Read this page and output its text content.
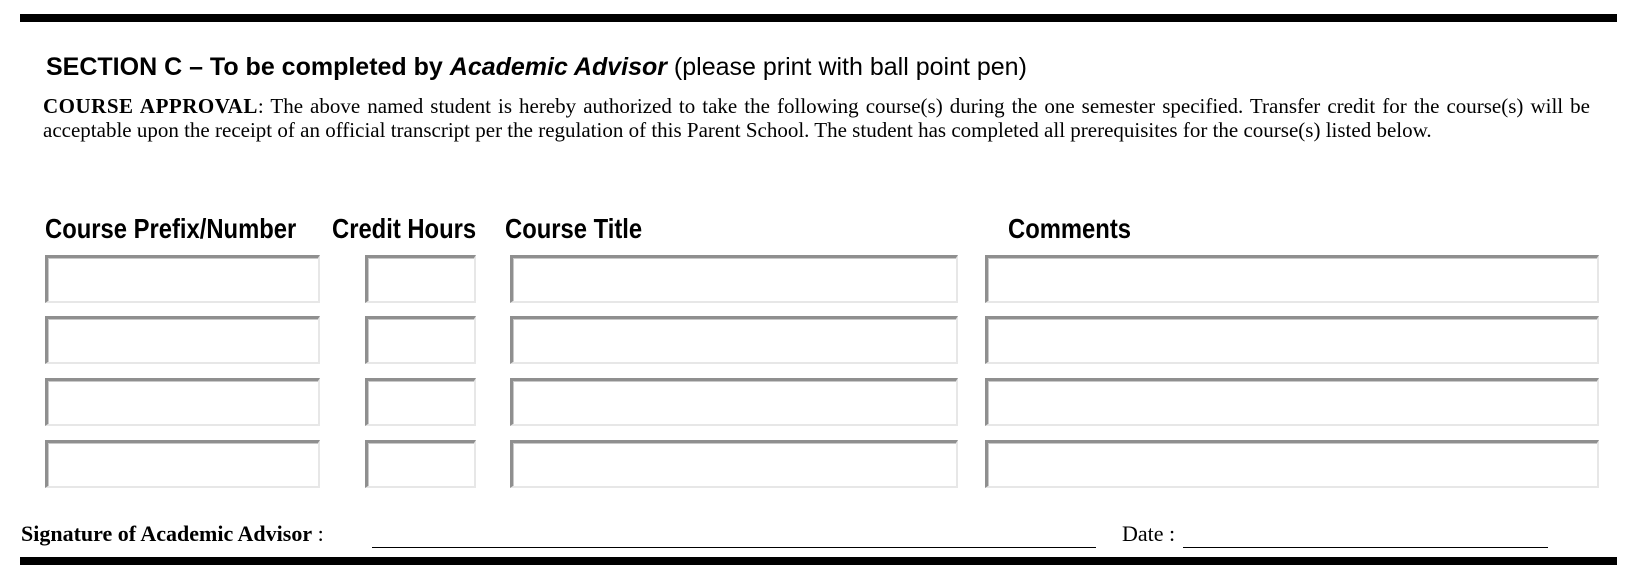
SECTION C – To be completed by Academic Advisor (please print with ball point pen)
COURSE APPROVAL: The above named student is hereby authorized to take the following course(s) during the one semester specified. Transfer credit for the course(s) will be acceptable upon the receipt of an official transcript per the regulation of this Parent School. The student has completed all prerequisites for the course(s) listed below.
Course Prefix/Number Credit Hours Course Title	Comments
Signature of Academic Advisor :	Date :
